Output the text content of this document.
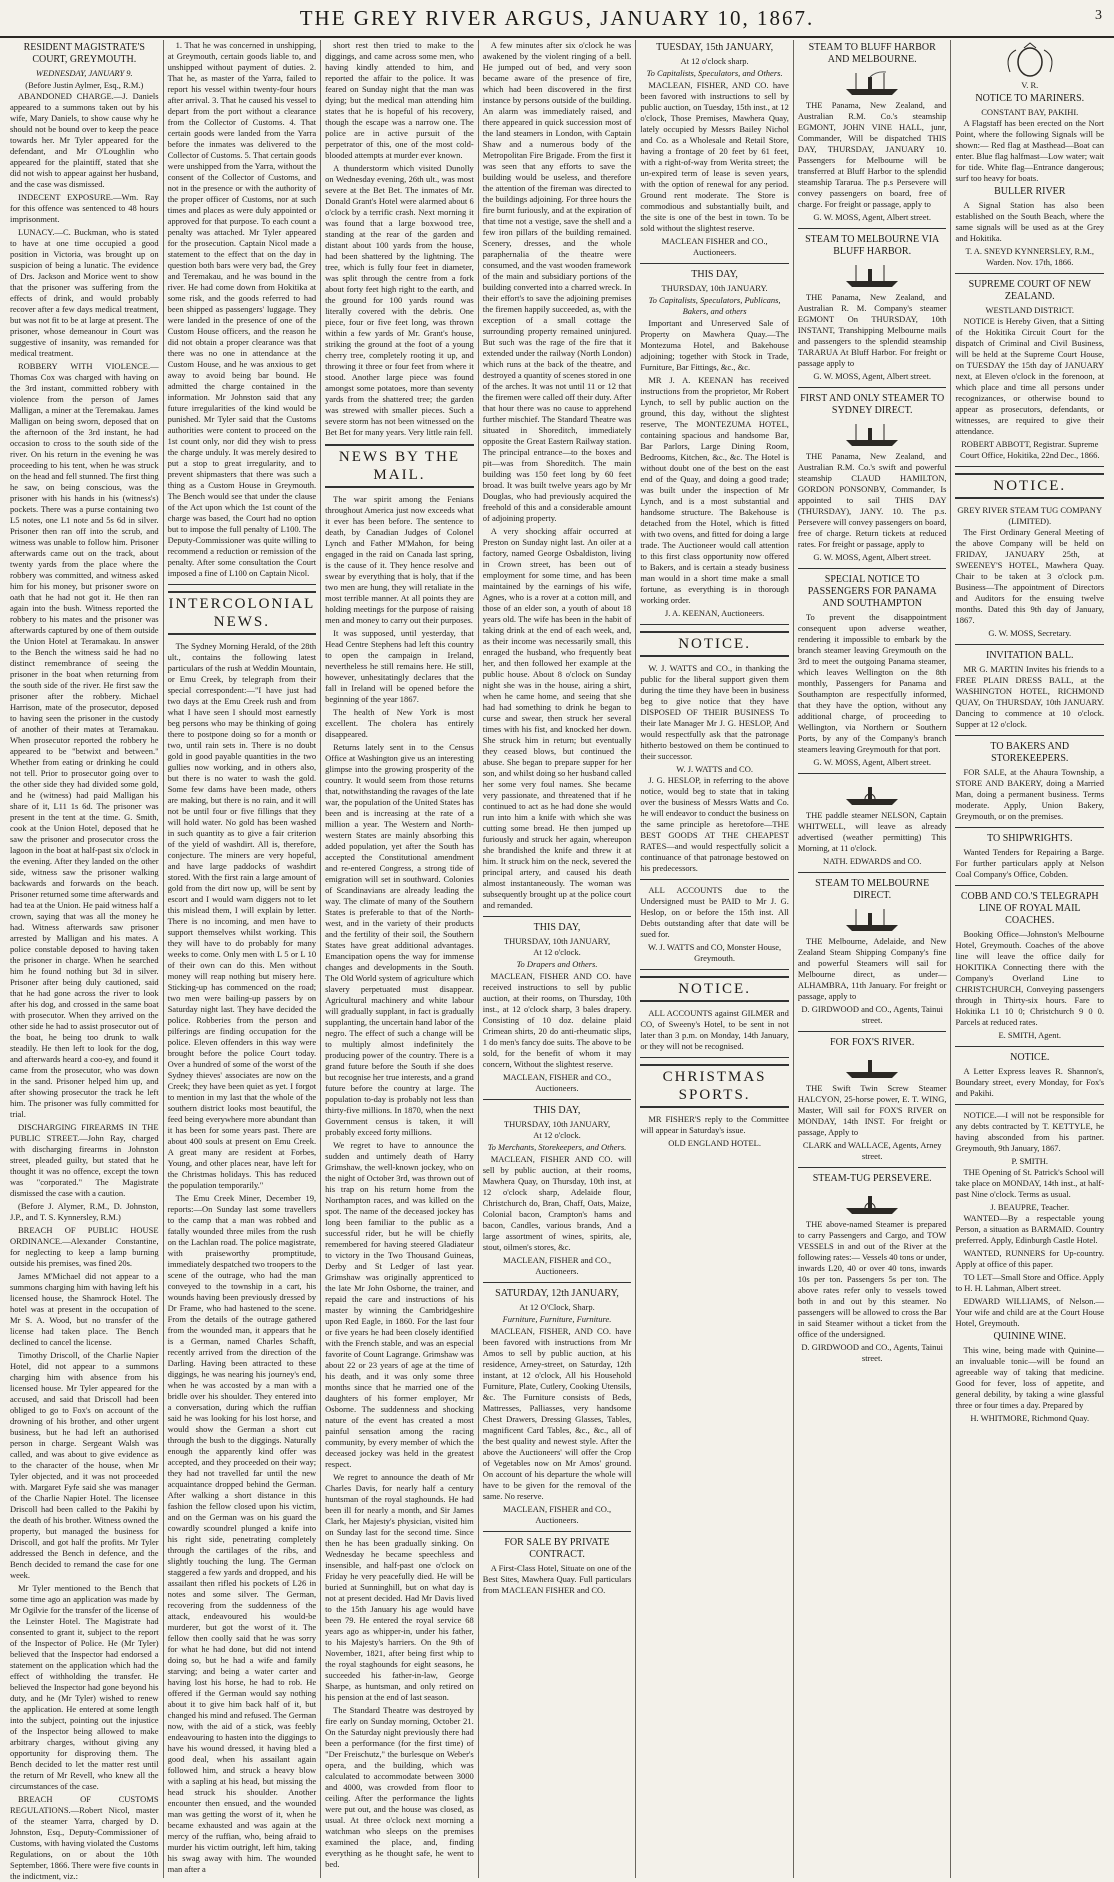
THE GREY RIVER ARGUS, JANUARY 10, 1867.	3
RESIDENT MAGISTRATE'S COURT, GREYMOUTH.
WEDNESDAY, JANUARY 9.
(Before Justin Aylmer, Esq., R.M.)

ABANDONED CHARGE.—J. Daniels appeared to a summons taken out by his wife, Mary Daniels, to show cause why he should not be bound over to keep the peace towards her. Mr Tyler appeared for the defendant, and Mr O'Loughlin who appeared for the plaintiff, stated that she did not wish to appear against her husband, and the case was dismissed.

INDECENT EXPOSURE.—Wm. Ray for this offence was sentenced to 48 hours imprisonment.

LUNACY.—C. Buckman, who is stated to have at one time occupied a good position in Victoria, was brought up on suspicion of being a lunatic. The evidence of Drs. Jackson and Morice went to show that the prisoner was suffering from the effects of drink, and would probably recover after a few days medical treatment, but was not fit to be at large at present. The prisoner, whose demeanour in Court was suggestive of insanity, was remanded for medical treatment.

ROBBERY WITH VIOLENCE.—Thomas Cox was charged with having on the 3rd instant, committed robbery with violence from the person of James Malligan, a miner at the Teremakau. James Malligan on being sworn, deposed that on the afternoon of the 3rd instant, he had occasion to cross to the south side of the river. On his return in the evening he was proceeding to his tent, when he was struck on the head and fell stunned. The first thing he saw, on being conscious, was the prisoner with his hands in his (witness's) pockets. There was a purse containing two L5 notes, one L1 note and 5s 6d in silver. Prisoner then ran off into the scrub, and witness was unable to follow him. Prisoner afterwards came out on the track, about twenty yards from the place where the robbery was committed, and witness asked him for his money, but prisoner swore on oath that he had not got it. He then ran again into the bush. Witness reported the robbery to his mates and the prisoner was afterwards captured by one of them outside the Union Hotel at Teramakau. In answer to the Bench the witness said he had no distinct remembrance of seeing the prisoner in the boat when returning from the south side of the river. He first saw the prisoner after the robbery. Michael Harrison, mate of the prosecutor, deposed to having seen the prisoner in the custody of another of their mates at Teramakau. When prosecutor reported the robbery he appeared to be "betwixt and between." Whether from eating or drinking he could not tell. Prior to prosecutor going over to the other side they had divided some gold, and he (witness) had paid Malligan his share of it, L11 1s 6d. The prisoner was present in the tent at the time. G. Smith, cook at the Union Hotel, deposed that he saw the prisoner and prosecutor cross the lagoon in the boat at half-past six o'clock in the evening. After they landed on the other side, witness saw the prisoner walking backwards and forwards on the beach. Prisoner returned some time afterwards and had tea at the Union. He paid witness half a crown, saying that was all the money he had. Witness afterwards saw prisoner arrested by Malligan and his mates. A police constable deposed to having taken the prisoner in charge. When he searched him he found nothing but 3d in silver. Prisoner after being duly cautioned, said that he had gone across the river to look after his dog, and crossed in the same boat with prosecutor. When they arrived on the other side he had to assist prosecutor out of the boat, he being too drunk to walk steadily. He then left to look for the dog, and afterwards heard a coo-ey, and found it came from the prosecutor, who was down in the sand. Prisoner helped him up, and after showing prosecutor the track he left him. The prisoner was fully committed for trial.

DISCHARGING FIREARMS IN THE PUBLIC STREET.—John Ray, charged with discharging firearms in Johnston street, pleaded guilty, but stated that he thought it was no offence, except the town was "corporated." The Magistrate dismissed the case with a caution.

(Before J. Alymer, R.M., D. Johnston, J.P., and T. S. Kynnersley, R.M.)

BREACH OF PUBLIC HOUSE ORDINANCE.—Alexander Constantine, for neglecting to keep a lamp burning outside his premises, was fined 20s.

James M'Michael did not appear to a summons charging him with having left his licensed house, the Shamrock Hotel. The hotel was at present in the occupation of Mr S. A. Wood, but no transfer of the license had taken place. The Bench declined to cancel the license.

Timothy Driscoll, of the Charlie Napier Hotel, did not appear to a summons charging him with absence from his licensed house. Mr Tyler appeared for the accused, and said that Driscoll had been obliged to go to Fox's on account of the drowning of his brother, and other urgent business, but he had left an authorised person in charge. Sergeant Walsh was called, and was about to give evidence as to the character of the house, when Mr Tyler objected, and it was not proceeded with. Margaret Fyfe said she was manager of the Charlie Napier Hotel. The licensee Driscoll had been called to the Pakihi by the death of his brother. Witness owned the property, but managed the business for Driscoll, and got half the profits. Mr Tyler addressed the Bench in defence, and the Bench decided to remand the case for one week.

Mr Tyler mentioned to the Bench that some time ago an application was made by Mr Ogilvie for the transfer of the license of the Leinster Hotel. The Magistrate had consented to grant it, subject to the report of the Inspector of Police. He (Mr Tyler) believed that the Inspector had endorsed a statement on the application which had the effect of withholding the transfer. He believed the Inspector had gone beyond his duty, and he (Mr Tyler) wished to renew the application. He entered at some length into the subject, pointing out the injustice of the Inspector being allowed to make arbitrary charges, without giving any opportunity for disproving them. The Bench decided to let the matter rest until the return of Mr Revell, who knew all the circumstances of the case.

BREACH OF CUSTOMS REGULATIONS.—Robert Nicol, master of the steamer Yarra, charged by D. Johnston, Esq., Deputy-Commissioner of Customs, with having violated the Customs Regulations, on or about the 10th September, 1866. There were five counts in the indictment, viz.:

1. That he was concerned in unshipping, at Greymouth, certain goods liable to, and unshipped without payment of duties. 2. That he, as master of the Yarra, failed to report his vessel within twenty-four hours after arrival. 3. That he caused his vessel to depart from the port without a clearance from the Collector of Customs. 4. That certain goods were landed from the Yarra before the inmates was delivered to the Collector of Customs. 5. That certain goods were unshipped from the Yarra, without the consent of the Collector of Customs, and not in the presence or with the authority of the proper officer of Customs, nor at such times and places as were duly appointed or approved for that purpose. To each count a penalty was attached. Mr Tyler appeared for the prosecution. Captain Nicol made a statement to the effect that on the day in question both bars were very bad, the Grey and Teremakau, and he was bound in the river. He had come down from Hokitika at some risk, and the goods referred to had been shipped as passengers' luggage. They were landed in the presence of one of the Custom House officers, and the reason he did not obtain a proper clearance was that there was no one in attendance at the Custom House, and he was anxious to get away to avoid being bar bound. He admitted the charge contained in the information. Mr Johnston said that any future irregularities of the kind would be punished. Mr Tyler said that the Customs authorities were content to proceed on the 1st count only, nor did they wish to press the charge unduly. It was merely desired to put a stop to great irregularity, and to prevent shipmasters that there was such a thing as a Custom House in Greymouth. The Bench would see that under the clause of the Act upon which the 1st count of the charge was based, the Court had no option but to impose the full penalty of L100. The Deputy-Commissioner was quite willing to recommend a reduction or remission of the penalty. After some consultation the Court imposed a fine of L100 on Captain Nicol.

INTERCOLONIAL NEWS.

The Sydney Morning Herald, of the 28th ult., contains the following latest particulars of the rush at Weddin Mountain, or Emu Creek, by telegraph from their special correspondent:—"I have just had two days at the Emu Creek rush and from what I have seen I should most earnestly beg persons who may be thinking of going there to postpone doing so for a month or two, until rain sets in. There is no doubt gold in good payable quantities in the two gullies now working, and in others also, but there is no water to wash the gold. Some few dams have been made, others are making, but there is no rain, and it will not be until four or five fillings that they will hold water. No gold has been washed in such quantity as to give a fair criterion of the yield of washdirt. All is, therefore, conjecture. The miners are very hopeful, and have large paddocks of washdirt stored. With the first rain a large amount of gold from the dirt now up, will be sent by escort and I would warn diggers not to let this mislead them, I will explain by letter. There is no incoming, and men have to support themselves whilst working. This they will have to do probably for many weeks to come. Only men with L 5 or L 10 of their own can do this. Men without money will reap nothing but misery here. Sticking-up has commenced on the road; two men were bailing-up passers by on Saturday night last. They have decided the police. Robberies from the person and pilferings are finding occupation for the police. Eleven offenders in this way were brought before the police Court today. Over a hundred of some of the worst of the Sydney thieves' associates are now on the Creek; they have been quiet as yet. I forgot to mention in my last that the whole of the southern district looks most beautiful, the feed being everywhere more abundant than it has been for some years past. There are about 400 souls at present on Emu Creek. A great many are resident at Forbes, Young, and other places near, have left for the Christmas holidays. This has reduced the population temporarily."

The Emu Creek Miner, December 19, reports:—On Sunday last some travellers to the camp that a man was robbed and fatally wounded three miles from the rush on the Lachlan road. The police magistrate, with praiseworthy promptitude, immediately despatched two troopers to the scene of the outrage, who had the man conveyed to the township in a cart, his wounds having been previously dressed by Dr Frame, who had hastened to the scene. From the details of the outrage gathered from the wounded man, it appears that he is a German, named Charles Schafft, recently arrived from the direction of the Darling. Having been attracted to these diggings, he was nearing his journey's end, when he was accosted by a man with a bridle over his shoulder. They entered into a conversation, during which the ruffian said he was looking for his lost horse, and would show the German a short cut through the bush to the diggings. Naturally enough the apparently kind offer was accepted, and they proceeded on their way; they had not travelled far until the new acquaintance dropped behind the German. After walking a short distance in this fashion the fellow closed upon his victim, and on the German was on his guard the cowardly scoundrel plunged a knife into his right side, penetrating completely through the cartilages of the ribs, and slightly touching the lung. The German staggered a few yards and dropped, and his assailant then rifled his pockets of L26 in notes and some silver. The German, recovering from the suddenness of the attack, endeavoured his would-be murderer, but got the worst of it. The fellow then coolly said that he was sorry for what he had done, but did not intend doing so, but he had a wife and family starving; and being a water carter and having lost his horse, he had to rob. He offered if the German would say nothing about it to give him back half of it, but changed his mind and refused. The German now, with the aid of a stick, was feebly endeavouring to hasten into the diggings to have his wound dressed, it having bled a good deal, when his assailant again followed him, and struck a heavy blow with a sapling at his head, but missing the head struck his shoulder. Another encounter then ensued, and the wounded man was getting the worst of it, when he became exhausted and was again at the mercy of the ruffian, who, being afraid to murder his victim outright, left him, taking his swag away with him. The wounded man after a

short rest then tried to make to the diggings, and came across some men, who having kindly attended to him, and reported the affair to the police. It was feared on Sunday night that the man was dying; but the medical man attending him states that he is hopeful of his recovery, though the escape was a narrow one. The police are in active pursuit of the perpetrator of this, one of the most cold-blooded attempts at murder ever known.

A thunderstorm which visited Dunolly on Wednesday evening, 26th ult., was most severe at the Bet Bet. The inmates of Mr. Donald Grant's Hotel were alarmed about 6 o'clock by a terrific crash. Next morning it was found that a large boxwood tree, standing at the rear of the garden and distant about 100 yards from the house, had been shattered by the lightning. The tree, which is fully four feet in diameter, was split through the centre from a fork about forty feet high right to the earth, and the ground for 100 yards round was literally covered with the debris. One piece, four or five feet long, was thrown within a few yards of Mr. Grant's house, striking the ground at the foot of a young cherry tree, completely rooting it up, and throwing it three or four feet from where it stood. Another large piece was found amongst some potatoes, more than seventy yards from the shattered tree; the garden was strewed with smaller pieces. Such a severe storm has not been witnessed on the Bet Bet for many years. Very little rain fell.

NEWS BY THE MAIL.

The war spirit among the Fenians throughout America just now exceeds what it ever has been before. The sentence to death, by Canadian Judges of Colonel Lynch and Father M'Mahon, for being engaged in the raid on Canada last spring, is the cause of it. They hence resolve and swear by everything that is holy, that if the two men are hung, they will retaliate in the most terrible manner. At all points they are holding meetings for the purpose of raising men and money to carry out their purposes.

It was supposed, until yesterday, that Head Centre Stephens had left this country to open the campaign in Ireland, nevertheless he still remains here. He still, however, unhesitatingly declares that the fall in Ireland will be opened before the beginning of the year 1867.

The health of New York is most excellent. The cholera has entirely disappeared.

Returns lately sent in to the Census Office at Washington give us an interesting glimpse into the growing prosperity of the country. It would seem from those returns that, notwithstanding the ravages of the late war, the population of the United States has been and is increasing at the rate of a million a year. The Western and North-western States are mainly absorbing this added population, yet after the South has accepted the Constitutional amendment and re-entered Congress, a strong tide of emigration will set in southward. Colonies of Scandinavians are already leading the way. The climate of many of the Southern States is preferable to that of the North-west, and in the variety of their products and the fertility of their soil, the Southern States have great additional advantages. Emancipation opens the way for immense changes and developments in the South. The Old World system of agriculture which slavery perpetuated must disappear. Agricultural machinery and white labour will gradually supplant, in fact is gradually supplanting, the uncertain hand labor of the negro. The effect of such a change will be to multiply almost indefinitely the producing power of the country. There is a grand future before the South if she does but recognise her true interests, and a grand future before the country at large. The population to-day is probably not less than thirty-five millions. In 1870, when the next Government census is taken, it will probably exceed forty millions.

We regret to have to announce the sudden and untimely death of Harry Grimshaw, the well-known jockey, who on the night of October 3rd, was thrown out of his trap on his return home from the Northampton races, and was killed on the spot. The name of the deceased jockey has long been familiar to the public as a successful rider, but he will be chiefly remembered for having steered Gladiateur to victory in the Two Thousand Guineas, Derby and St Ledger of last year. Grimshaw was originally apprenticed to the late Mr John Osborne, the trainer, and repaid the care and instructions of his master by winning the Cambridgeshire upon Red Eagle, in 1860. For the last four or five years he had been closely identified with the French stable, and was an especial favorite of Count Lagrange. Grimshaw was about 22 or 23 years of age at the time of his death, and it was only some three months since that he married one of the daughters of his former employer, Mr Osborne. The suddenness and shocking nature of the event has created a most painful sensation among the racing community, by every member of which the deceased jockey was held in the greatest respect.

We regret to announce the death of Mr Charles Davis, for nearly half a century huntsman of the royal staghounds. He had been ill for nearly a month, and Sir James Clark, her Majesty's physician, visited him on Sunday last for the second time. Since then he has been gradually sinking. On Wednesday he became speechless and insensible, and half-past one o'clock on Friday he very peacefully died. He will be buried at Sunninghill, but on what day is not at present decided. Had Mr Davis lived to the 15th January his age would have been 79. He entered the royal service 68 years ago as whipper-in, under his father, to his Majesty's harriers. On the 9th of November, 1821, after being first whip to the royal staghounds for eight seasons, he succeeded his father-in-law, George Sharpe, as huntsman, and only retired on his pension at the end of last season.

The Standard Theatre was destroyed by fire early on Sunday morning, October 21. On the Saturday night previously there had been a performance (for the first time) of "Der Freischutz," the burlesque on Weber's opera, and the building, which was calculated to accommodate between 3000 and 4000, was crowded from floor to ceiling. After the performance the lights were put out, and the house was closed, as usual. At three o'clock next morning a watchman who sleeps on the premises examined the place, and, finding everything as he thought safe, he went to bed.

A few minutes after six o'clock he was awakened by the violent ringing of a bell. He jumped out of bed, and very soon became aware of the presence of fire, which had been discovered in the first instance by persons outside of the building. An alarm was immediately raised, and there appeared in quick succession most of the land steamers in London, with Captain Shaw and a numerous body of the Metropolitan Fire Brigade. From the first it was seen that any efforts to save the building would be useless, and therefore the attention of the fireman was directed to the buildings adjoining. For three hours the fire burnt furiously, and at the expiration of that time not a vestige, save the shell and a few iron pillars of the building remained. Scenery, dresses, and the whole paraphernalia of the theatre were consumed, and the vast wooden framework of the main and subsidiary portions of the building converted into a charred wreck. In their effort's to save the adjoining premises the firemen happily succeeded, as, with the exception of a small cottage the surrounding property remained uninjured. But such was the rage of the fire that it extended under the railway (North London) which runs at the back of the theatre, and destroyed a quantity of scenes stored in one of the arches. It was not until 11 or 12 that the firemen were called off their duty. After that hour there was no cause to apprehend further mischief. The Standard Theatre was situated in Shoreditch, immediately opposite the Great Eastern Railway station. The principal entrance—to the boxes and pit—was from Shoreditch. The main building was 150 feet long by 60 feet broad. It was built twelve years ago by Mr Douglas, who had previously acquired the freehold of this and a considerable amount of adjoining property.

A very shocking affair occurred at Preston on Sunday night last. An oiler at a factory, named George Osbaldiston, living in Crown street, has been out of employment for some time, and has been maintained by the earnings of his wife, Agnes, who is a rover at a cotton mill, and those of an elder son, a youth of about 18 years old. The wife has been in the habit of taking drink at the end of each week, and, as their income was necessarily small, this enraged the husband, who frequently beat her, and then followed her example at the public house. About 8 o'clock on Sunday night she was in the house, airing a shirt, when he came home, and seeing that she had had something to drink he began to curse and swear, then struck her several times with his fist, and knocked her down. She struck him in return; but eventually they ceased blows, but continued the abuse. She began to prepare supper for her son, and whilst doing so her husband called her some very foul names. She became very passionate, and threatened that if he continued to act as he had done she would run into him a knife with which she was cutting some bread. He then jumped up furiously and struck her again, whereupon she brandished the knife and threw it at him. It struck him on the neck, severed the principal artery, and caused his death almost instantaneously. The woman was subsequently brought up at the police court and remanded.

THIS DAY,
THURSDAY, 10th JANUARY,
At 12 o'clock.
To Drapers and Others.

MACLEAN, FISHER AND CO. have received instructions to sell by public auction, at their rooms, on Thursday, 10th inst., at 12 o'clock sharp, 3 bales drapery. Consisting of 10 doz. delaine plaid Crimean shirts, 20 do anti-rheumatic slips, 1 do men's fancy doe suits. The above to be sold, for the benefit of whom it may concern, Without the slightest reserve.

MACLEAN, FISHER and CO., Auctioneers.
THIS DAY,
THURSDAY, 10th JANUARY,
At 12 o'clock.
To Merchants, Storekeepers, and Others.

MACLEAN, FISHER AND CO. will sell by public auction, at their rooms, Mawhera Quay, on Thursday, 10th inst, at 12 o'clock sharp, Adelaide flour, Christchurch do, Bran, Chaff, Oats, Maize, Colonial bacon, Crampton's hams and bacon, Candles, various brands, And a large assortment of wines, spirits, ale, stout, oilmen's stores, &c.

MACLEAN, FISHER and CO., Auctioneers.
SATURDAY, 12th JANUARY,
At 12 O'Clock, Sharp.
Furniture, Furniture, Furniture.

MACLEAN, FISHER, AND CO. have been favored with instructions from Mr Amos to sell by public auction, at his residence, Arney-street, on Saturday, 12th instant, at 12 o'clock, All his Household Furniture, Plate, Cutlery, Cooking Utensils, &c. The Furniture consists of Beds, Mattresses, Palliasses, very handsome Chest Drawers, Dressing Glasses, Tables, magnificent Card Tables, &c., &c., all of the best quality and newest style. After the above the Auctioneers' will offer the Crop of Vegetables now on Mr Amos' ground. On account of his departure the whole will have to be given for the removal of the same. No reserve.

MACLEAN, FISHER and CO., Auctioneers.
FOR SALE BY PRIVATE CONTRACT.

A First-Class Hotel, Situate on one of the Best Sites, Mawhera Quay. Full particulars from MACLEAN FISHER and CO.

TUESDAY, 15th JANUARY,
At 12 o'clock sharp.
To Capitalists, Speculators, and Others.

MACLEAN, FISHER, AND CO. have been favored with instructions to sell by public auction, on Tuesday, 15th inst., at 12 o'clock, Those Premises, Mawhera Quay, lately occupied by Messrs Bailey Nichol and Co. as a Wholesale and Retail Store, having a frontage of 20 feet by 61 feet, with a right-of-way from Werita street; the un-expired term of lease is seven years, with the option of renewal for any period. Ground rent moderate. The Store is commodious and substantially built, and the site is one of the best in town. To be sold without the slightest reserve.

MACLEAN FISHER and CO., Auctioneers.
THIS DAY,
THURSDAY, 10th JANUARY.
To Capitalists, Speculators, Publicans, Bakers, and others

Important and Unreserved Sale of Property on Mawhera Quay.—The Montezuma Hotel, and Bakehouse adjoining; together with Stock in Trade, Furniture, Bar Fittings, &c., &c.

MR J. A. KEENAN has received instructions from the proprietor, Mr Robert Lynch, to sell by public auction on the ground, this day, without the slightest reserve, The MONTEZUMA HOTEL, containing spacious and handsome Bar, Bar Parlors, Large Dining Room, Bedrooms, Kitchen, &c., &c. The Hotel is without doubt one of the best on the east end of the Quay, and doing a good trade; was built under the inspection of Mr Lynch, and is a most substantial and handsome structure. The Bakehouse is detached from the Hotel, which is fitted with two ovens, and fitted for doing a large trade. The Auctioneer would call attention to this first class opportunity now offered to Bakers, and is certain a steady business man would in a short time make a small fortune, as everything is in thorough working order.

J. A. KEENAN, Auctioneers.
NOTICE.

W. J. WATTS and CO., in thanking the public for the liberal support given them during the time they have been in business beg to give notice that they have DISPOSED OF THEIR BUSINESS To their late Manager Mr J. G. HESLOP, And would respectfully ask that the patronage hitherto bestowed on them be continued to their successor.

W. J. WATTS and CO.

J. G. HESLOP, in referring to the above notice, would beg to state that in taking over the business of Messrs Watts and Co. he will endeavor to conduct the business on the same principle as heretofore—THE BEST GOODS AT THE CHEAPEST RATES—and would respectfully solicit a continuance of that patronage bestowed on his predecessors.

ALL ACCOUNTS due to the Undersigned must be PAID to Mr J. G. Heslop, on or before the 15th inst. All Debts outstanding after that date will be sued for.

W. J. WATTS and CO, Monster House, Greymouth.
NOTICE.

ALL ACCOUNTS against GILMER and CO, of Sweeny's Hotel, to be sent in not later than 3 p.m. on Monday, 14th January, or they will not be recognised.

CHRISTMAS SPORTS.

MR FISHER'S reply to the Committee will appear in Saturday's issue.

OLD ENGLAND HOTEL.
STEAM TO BLUFF HARBOR AND MELBOURNE.

THE Panama, New Zealand, and Australian R.M. Co.'s steamship EGMONT, JOHN VINE HALL, junr, Commander, Will be dispatched THIS DAY, THURSDAY, JANUARY 10. Passengers for Melbourne will be transferred at Bluff Harbor to the splendid steamship Tararua. The p.s Persevere will convey passengers on board, free of charge. For freight or passage, apply to

G. W. MOSS, Agent, Albert street.
STEAM TO MELBOURNE VIA BLUFF HARBOR.

THE Panama, New Zealand, and Australian R. M. Company's steamer EGMONT On THURSDAY, 10th INSTANT, Transhipping Melbourne mails and passengers to the splendid steamship TARARUA At Bluff Harbor. For freight or passage apply to

G. W. MOSS, Agent, Albert street.
FIRST AND ONLY STEAMER TO SYDNEY DIRECT.

THE Panama, New Zealand, and Australian R.M. Co.'s swift and powerful steamship CLAUD HAMILTON, GORDON PONSONBY, Commander, Is appointed to sail THIS DAY (THURSDAY), JANY. 10. The p.s. Persevere will convey passengers on board, free of charge. Return tickets at reduced rates. For freight or passage, apply to

G. W. MOSS, Agent, Albert street.
SPECIAL NOTICE TO PASSENGERS FOR PANAMA AND SOUTHAMPTON

To prevent the disappointment consequent upon adverse weather, rendering it impossible to embark by the branch steamer leaving Greymouth on the 3rd to meet the outgoing Panama steamer, which leaves Wellington on the 8th monthly, Passengers for Panama and Southampton are respectfully informed, that they have the option, without any additional charge, of proceeding to Wellington, via Northern or Southern Ports, by any of the Company's branch steamers leaving Greymouth for that port.

G. W. MOSS, Agent, Albert street.

THE paddle steamer NELSON, Captain WHITWELL, will leave as already advertised (weather permitting) This Morning, at 11 o'clock.

NATH. EDWARDS and CO.
STEAM TO MELBOURNE DIRECT.

THE Melbourne, Adelaide, and New Zealand Steam Shipping Company's fine and powerful Steamers will sail for Melbourne direct, as under— ALHAMBRA, 11th January. For freight or passage, apply to

D. GIRDWOOD and CO., Agents, Tainui street.
FOR FOX'S RIVER.

THE Swift Twin Screw Steamer HALCYON, 25-horse power, E. T. WING, Master, Will sail for FOX'S RIVER on MONDAY, 14th INST. For freight or passage, Apply to

CLARK and WALLACE, Agents, Arney street.
STEAM-TUG PERSEVERE.

THE above-named Steamer is prepared to carry Passengers and Cargo, and TOW VESSELS in and out of the River at the following rates:— Vessels 40 tons or under, inwards L20, 40 or over 40 tons, inwards 10s per ton. Passengers 5s per ton. The above rates refer only to vessels towed both in and out by this steamer. No passengers will be allowed to cross the Bar in said Steamer without a ticket from the office of the undersigned.

D. GIRDWOOD and CO., Agents, Tainui street.
V. R.
NOTICE TO MARINERS.
CONSTANT BAY, PAKIHI.

A Flagstaff has been erected on the Nort Point, where the following Signals will be shown:— Red flag at Masthead—Boat can enter. Blue flag halfmast—Low water; wait for tide. White flag—Entrance dangerous; surf too heavy for boats.

BULLER RIVER

A Signal Station has also been established on the South Beach, where the same signals will be used as at the Grey and Hokitika.

T. A. SNEYD KYNNERSLEY, R.M., Warden. Nov. 17th, 1866.
SUPREME COURT OF NEW ZEALAND.
WESTLAND DISTRICT.

NOTICE is Hereby Given, that a Sitting of the Hokitika Circuit Court for the dispatch of Criminal and Civil Business, will be held at the Supreme Court House, on TUESDAY the 15th day of JANUARY next, at Eleven o'clock in the forenoon, at which place and time all persons under recognizances, or otherwise bound to appear as prosecutors, defendants, or witnesses, are required to give their attendance.

ROBERT ABBOTT, Registrar. Supreme Court Office, Hokitika, 22nd Dec., 1866.
NOTICE.
GREY RIVER STEAM TUG COMPANY (LIMITED).

The First Ordinary General Meeting of the above Company will be held on FRIDAY, JANUARY 25th, at SWEENEY'S HOTEL, Mawhera Quay. Chair to be taken at 3 o'clock p.m. Business—The appointment of Directors and Auditors for the ensuing twelve months. Dated this 9th day of January, 1867.

G. W. MOSS, Secretary.
INVITATION BALL.

MR G. MARTIN Invites his friends to a FREE PLAIN DRESS BALL, at the WASHINGTON HOTEL, RICHMOND QUAY, On THURSDAY, 10th JANUARY. Dancing to commence at 10 o'clock. Supper at 12 o'clock.

TO BAKERS AND STOREKEEPERS.

FOR SALE, at the Ahaura Township, a STORE AND BAKERY, doing a Married Man, doing a permanent business. Terms moderate. Apply, Union Bakery, Greymouth, or on the premises.

TO SHIPWRIGHTS.

Wanted Tenders for Repairing a Barge. For further particulars apply at Nelson Coal Company's Office, Cobden.

COBB AND CO.'S TELEGRAPH LINE OF ROYAL MAIL COACHES.

Booking Office—Johnston's Melbourne Hotel, Greymouth. Coaches of the above line will leave the office daily for HOKITIKA Connecting there with the Company's Overland Line to CHRISTCHURCH, Conveying passengers through in Thirty-six hours. Fare to Hokitika L1 10 0; Christchurch 9 0 0. Parcels at reduced rates.

E. SMITH, Agent.
NOTICE.

A Letter Express leaves R. Shannon's, Boundary street, every Monday, for Fox's and Pakihi.

NOTICE.—I will not be responsible for any debts contracted by T. KETTYLE, he having absconded from his partner. Greymouth, 9th January, 1867.

P. SMITH.

THE Opening of St. Patrick's School will take place on MONDAY, 14th inst., at half-past Nine o'clock. Terms as usual.

J. BEAUPRE, Teacher.

WANTED—By a respectable young Person, a situation as BARMAID. Country preferred. Apply, Edinburgh Castle Hotel.

WANTED, RUNNERS for Up-country. Apply at office of this paper.

TO LET—Small Store and Office. Apply to H. H. Lahman, Albert street.

EDWARD WILLIAMS, of Nelson.—Your wife and child are at the Court House Hotel, Greymouth.

QUININE WINE.

This wine, being made with Quinine—an invaluable tonic—will be found an agreeable way of taking that medicine. Good for fever, loss of appetite, and general debility, by taking a wine glassful three or four times a day. Prepared by

H. WHITMORE, Richmond Quay.
